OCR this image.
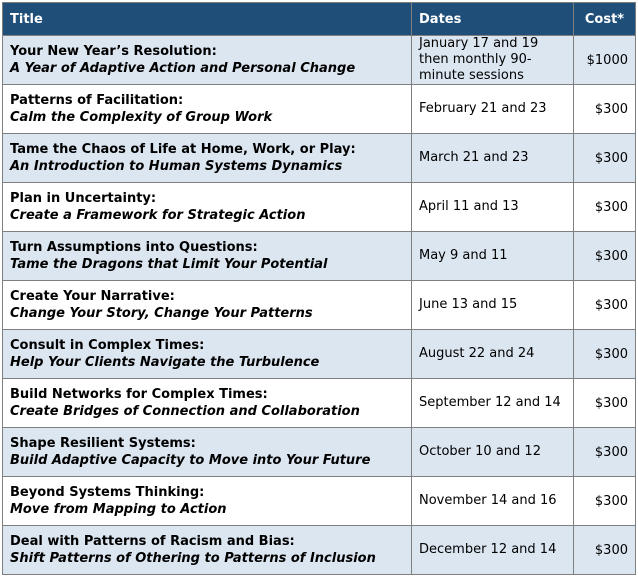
Title	Dates	Cost*

Your New Year’s Resolution:
A Year of Adaptive Action and Personal Change	January 17 and 19 then monthly 90-minute sessions	$1000

Patterns of Facilitation:
Calm the Complexity of Group Work	February 21 and 23	$300

Tame the Chaos of Life at Home, Work, or Play:
An Introduction to Human Systems Dynamics	March 21 and 23	$300

Plan in Uncertainty:
Create a Framework for Strategic Action	April 11 and 13	$300

Turn Assumptions into Questions:
Tame the Dragons that Limit Your Potential	May 9 and 11	$300

Create Your Narrative:
Change Your Story, Change Your Patterns	June 13 and 15	$300

Consult in Complex Times:
Help Your Clients Navigate the Turbulence	August 22 and 24	$300

Build Networks for Complex Times:
Create Bridges of Connection and Collaboration	September 12 and 14	$300

Shape Resilient Systems:
Build Adaptive Capacity to Move into Your Future	October 10 and 12	$300

Beyond Systems Thinking:
Move from Mapping to Action	November 14 and 16	$300

Deal with Patterns of Racism and Bias:
Shift Patterns of Othering to Patterns of Inclusion	December 12 and 14	$300
